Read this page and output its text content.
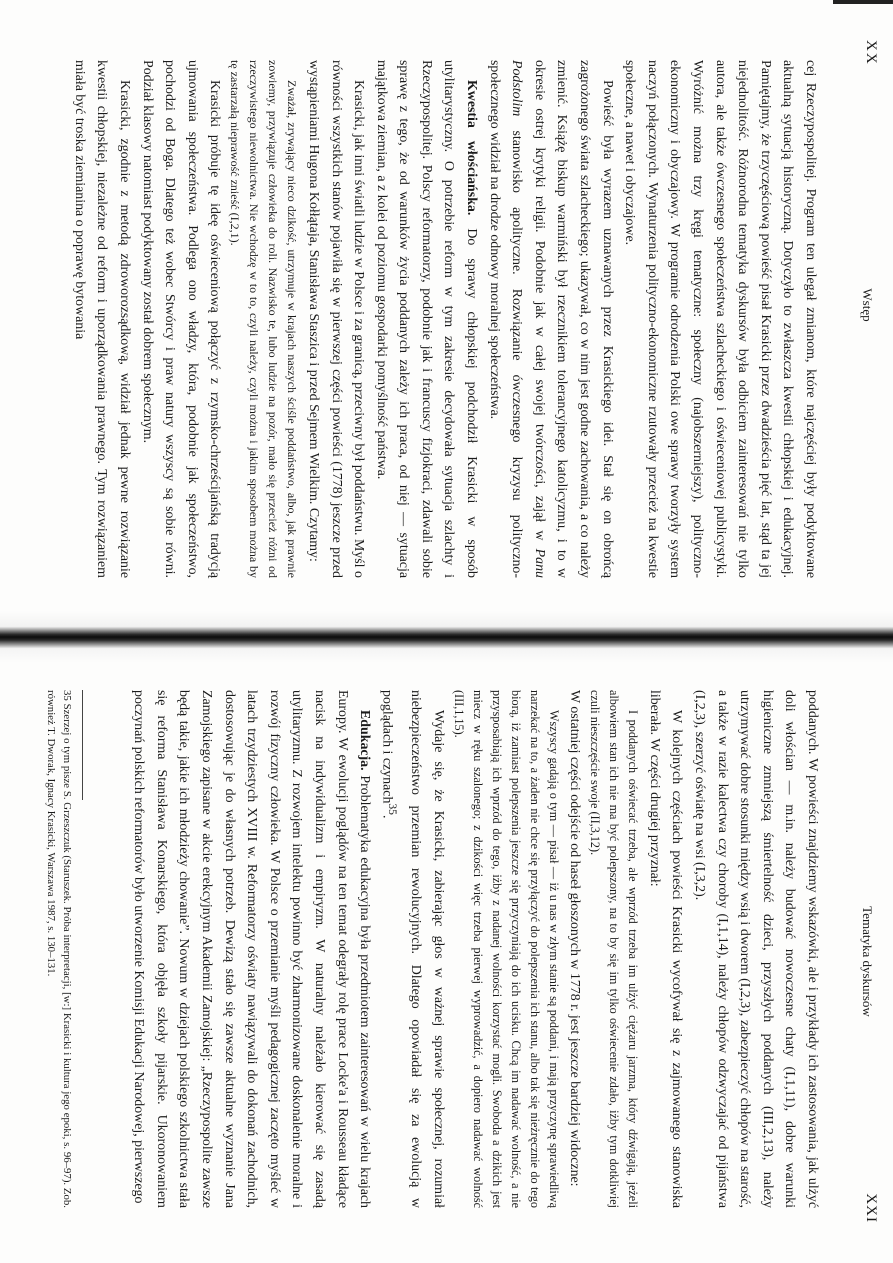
XX
Wstęp

cej Rzeczypospolitej. Program ten ulegał zmianom, które najczęściej były podyktowane aktualną sytuacją historyczną. Dotyczyło to zwłaszcza kwestii chłopskiej i edukacyjnej. Pamiętajmy, że trzyczęściową powieść pisał Krasicki przez dwadzieścia pięć lat, stąd ta jej niejednolitość. Różnorodna tematyka dyskursów była odbiciem zainteresowań nie tylko autora, ale także ówczesnego społeczeństwa szlacheckiego i oświeceniowej publicystyki. Wyróżnić można trzy kręgi tematyczne: społeczny (najobszerniejszy), polityczno-ekonomiczny i obyczajowy. W programie odrodzenia Polski owe sprawy tworzyły system naczyń połączonych. Wynaturzenia polityczno-ekonomiczne rzutowały przecież na kwestie społeczne, a nawet i obyczajowe.

Powieść była wyrazem uznawanych przez Krasickiego idei. Stał się on obrońcą zagrożonego świata szlacheckiego; ukazywał, co w nim jest godne zachowania, a co należy zmienić. Książę biskup warmiński był rzecznikiem tolerancyjnego katolicyzmu, i to w okresie ostrej krytyki religii. Podobnie jak w całej swojej twórczości, zajął w Panu Podstolim stanowisko apolityczne. Rozwiązanie ówczesnego kryzysu polityczno-społecznego widział na drodze odnowy moralnej społeczeństwa.

Kwestia włościańska. Do sprawy chłopskiej podchodził Krasicki w sposób utylitarystyczny. O potrzebie reform w tym zakresie decydowała sytuacja szlachty i Rzeczypospolitej. Polscy reformatorzy, podobnie jak i francuscy fizjokraci, zdawali sobie sprawę z tego, że od warunków życia poddanych zależy ich praca, od niej — sytuacja majątkowa ziemian, a z kolei od poziomu gospodarki pomyślność państwa.

Krasicki, jak inni światli ludzie w Polsce i za granicą, przeciwny był poddaństwu. Myśl o równości wszystkich stanów pojawiła się w pierwszej części powieści (1778) jeszcze przed wystąpieniami Hugona Kołłątaja, Stanisława Staszica i przed Sejmem Wielkim. Czytamy:

Zważał, zrywający nieco dzikość, utrzymuje w krajach naszych ściśle poddaństwo, albo, jak prawnie zowiemy, przywiązuje człowieka do roli. Nazwisko te, lubo ludzie na pozór, mało się przecież różni od rzeczywistego niewolnictwa. Nie wchodzę w to to, czyli należy, czyli można i jakim sposobem można by tę zastarzałą nieprawość znieść (I,2,1).

Krasicki próbuje tę ideę oświeceniową połączyć z rzymsko-chrześcijańską tradycją ujmowania społeczeństwa. Podlega ono władzy, która, podobnie jak społeczeństwo, pochodzi od Boga. Dlatego też wobec Stwórcy i praw natury wszyscy są sobie równi. Podział klasowy natomiast podyktowany został dobrem społecznym.

Krasicki, zgodnie z metodą zdroworozsądkową, widział jednak pewne rozwiązanie kwestii chłopskiej, niezależne od reform i uporządkowania prawnego. Tym rozwiązaniem miała być troska ziemianina o poprawę bytowania

Tematyka dyskursów
XXI

poddanych. W powieści znajdziemy wskazówki, ale i przykłady ich zastosowania, jak ulżyć doli włościan — m.in. należy budować nowoczesne chaty (I,1,11), dobre warunki higieniczne zmniejszą śmiertelność dzieci, przyszłych poddanych (III,2,13), należy utrzymywać dobre stosunki między wsią i dworem (I,2,3), zabezpieczyć chłopów na starość, a także w razie kalectwa czy choroby (I,1,14), należy chłopów odzwyczajać od pijaństwa (I,2,3), szerzyć oświatę na wsi (I,3,2).

W kolejnych częściach powieści Krasicki wycofywał się z zajmowanego stanowiska liberała. W części drugiej przyznał:

I poddanych oświecać trzeba, ale wprzód trzeba im ulżyć ciężaru jarzma, który dźwigają, jeżeli albowiem stan ich nie ma być polepszony, na to by się im tylko oświecenie zdało, iżby tym dotkliwiej czuli nieszczęście swoje (II,3,12).

W ostatniej części odejście od haseł głoszonych w 1778 r. jest jeszcze bardziej widoczne:

Wszyscy gadają o tym — pisał — iż u nas w złym stanie są poddani, i mają przyczynę sprawiedliwą narzekać na to, a żaden nie chce się przyłączyć do polepszenia ich stanu, albo tak się nieżręcznie do tego biorą, iż zamiast polepszenia jeszcze się przyczyniają do ich ucisku. Chcą im nadawać wolność, a nie przysposabiają ich wprzód do tego, iżby z nadanej wolności korzystać mogli. Swoboda a dzikich jest miecz w ręku szalonego; z dzikości więc trzeba pierwej wyprowadzić, a dopiero nadawać wolność (III,1,15).

Wydaje się, że Krasicki, zabierając głos w ważnej sprawie społecznej, rozumiał niebezpieczeństwo przemian rewolucyjnych. Dlatego opowiadał się za ewolucją w poglądach i czynach$^{35}$.

Edukacja. Problematyka edukacyjna była przedmiotem zainteresowań w wielu krajach Europy. W ewolucji poglądów na ten temat odegrały rolę prace Locke'a i Rousseau kładące nacisk na indywidualizm i empiryzm. W naturalny należało kierować się zasadą utylitaryzmu. Z rozwojem intelektu powinno być zharmonizowane doskonalenie moralne i rozwój fizyczny człowieka. W Polsce o przemianie myśli pedagogicznej zaczęto myśleć w latach trzydziestych XVIII w. Reformatorzy oświaty nawiązywali do dokonań zachodnich, dostosowując je do własnych potrzeb. Dewizą stało się zawsze aktualne wyznanie Jana Zamojskiego zapisane w akcie erekcyjnym Akademii Zamojskiej: „Rzeczypospolite zawsze będą takie, jakie ich młodzieży chowanie”. Nowum w dziejach polskiego szkolnictwa stała się reforma Stanisława Konarskiego, która objęła szkoły pijarskie. Ukoronowaniem poczynań polskich reformatorów było utworzenie Komisji Edukacji Narodowej, pierwszego

35 Szerzej o tym pisze S. Grzeszczuk (Staruszek. Próba interpretacji, [w:] Krasicki i kultura jego epoki, s. 96–97). Zob. również T. Dworak, Ignacy Krasicki, Warszawa 1987, s. 130–131.
